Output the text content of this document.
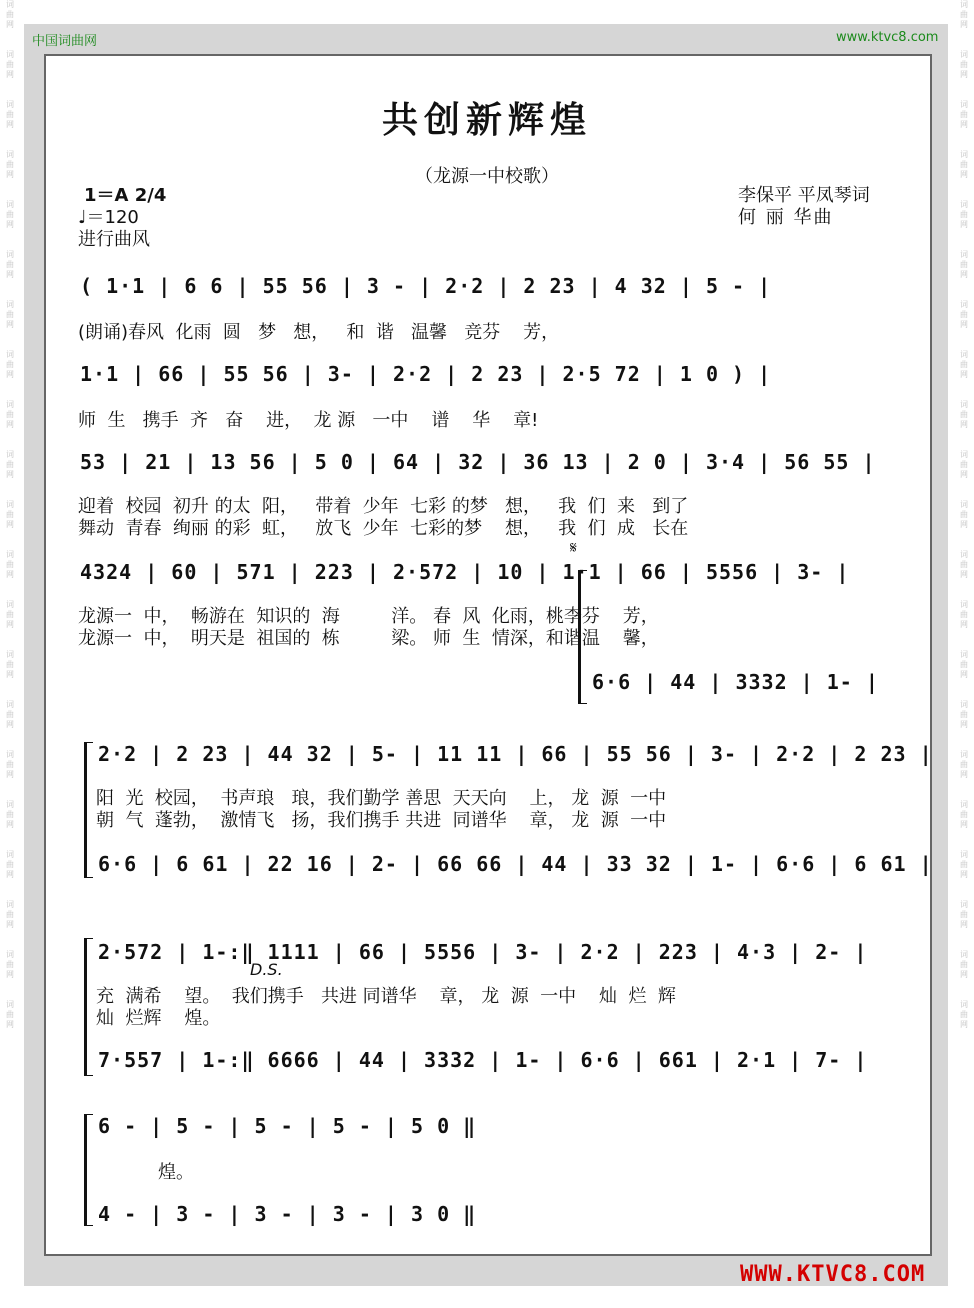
词
曲
网
词
曲
网
词
曲
网
词
曲
网
词
曲
网
词
曲
网
词
曲
网
词
曲
网
词
曲
网
词
曲
网
词
曲
网
词
曲
网
词
曲
网
词
曲
网
词
曲
网
词
曲
网
词
曲
网
词
曲
网
词
曲
网
词
曲
网
词
曲
网
词
曲
网
词
曲
网
词
曲
网
词
曲
网
词
曲
网
词
曲
网
词
曲
网
词
曲
网
词
曲
网
词
曲
网
词
曲
网
词
曲
网
词
曲
网
词
曲
网
词
曲
网
词
曲
网
词
曲
网
词
曲
网
词
曲
网
词
曲
网
词
曲
网
中国词曲网	www.ktvc8.com
共创新辉煌
（龙源一中校歌）
1＝A 2/4
♩＝120
进行曲风
李保平 平凤琴词
何 丽 华曲
( 1·1 | 6 6 | 55 56 | 3 - | 2·2 | 2 23 | 4 32 | 5 - |
(朗诵)春风  化雨  圆   梦   想，   和  谐   温馨   竞芬    芳，
1·1 | 66 | 55 56 | 3- | 2·2 | 2 23 | 2·5 72 | 1 0 ) |
师  生   携手  齐   奋    进，  龙 源   一中    谱    华    章!
53 | 21 | 13 56 | 5 0 | 64 | 32 | 36 13 | 2 0 | 3·4 | 56 55 |
迎着  校园  初升 的太  阳，   带着  少年  七彩 的梦   想，   我  们  来   到了
舞动  青春  绚丽 的彩  虹，   放飞  少年  七彩的梦    想，   我  们  成   长在
𝄋
4324 | 60 | 571 | 223 | 2·572 | 10 | 1·1 | 66 | 5556 | 3- |
龙源一  中，  畅游在  知识的  海         洋。 春  风  化雨，桃李芬    芳，
龙源一  中，  明天是  祖国的  栋         梁。 师  生  情深，和谐温    馨，
6·6 | 44 | 3332 | 1- |
2·2 | 2 23 | 44 32 | 5- | 11 11 | 66 | 55 56 | 3- | 2·2 | 2 23 |
阳  光  校园，  书声琅   琅，我们勤学 善思  天天向    上， 龙  源  一中
朝  气  蓬勃，  激情飞   扬，我们携手 共进  同谱华    章， 龙  源  一中
6·6 | 6 61 | 22 16 | 2- | 66 66 | 44 | 33 32 | 1- | 6·6 | 6 61 |
2·572 | 1-:‖ 1111 | 66 | 5556 | 3- | 2·2 | 223 | 4·3 | 2- |
D.S.
充  满希    望。  我们携手   共进 同谱华    章， 龙  源  一中    灿  烂  辉
灿  烂辉    煌。
7·557 | 1-:‖ 6666 | 44 | 3332 | 1- | 6·6 | 661 | 2·1 | 7- |
6 - | 5 - | 5 - | 5 - | 5 0 ‖
煌。
4 - | 3 - | 3 - | 3 - | 3 0 ‖
WWW.KTVC8.COM
